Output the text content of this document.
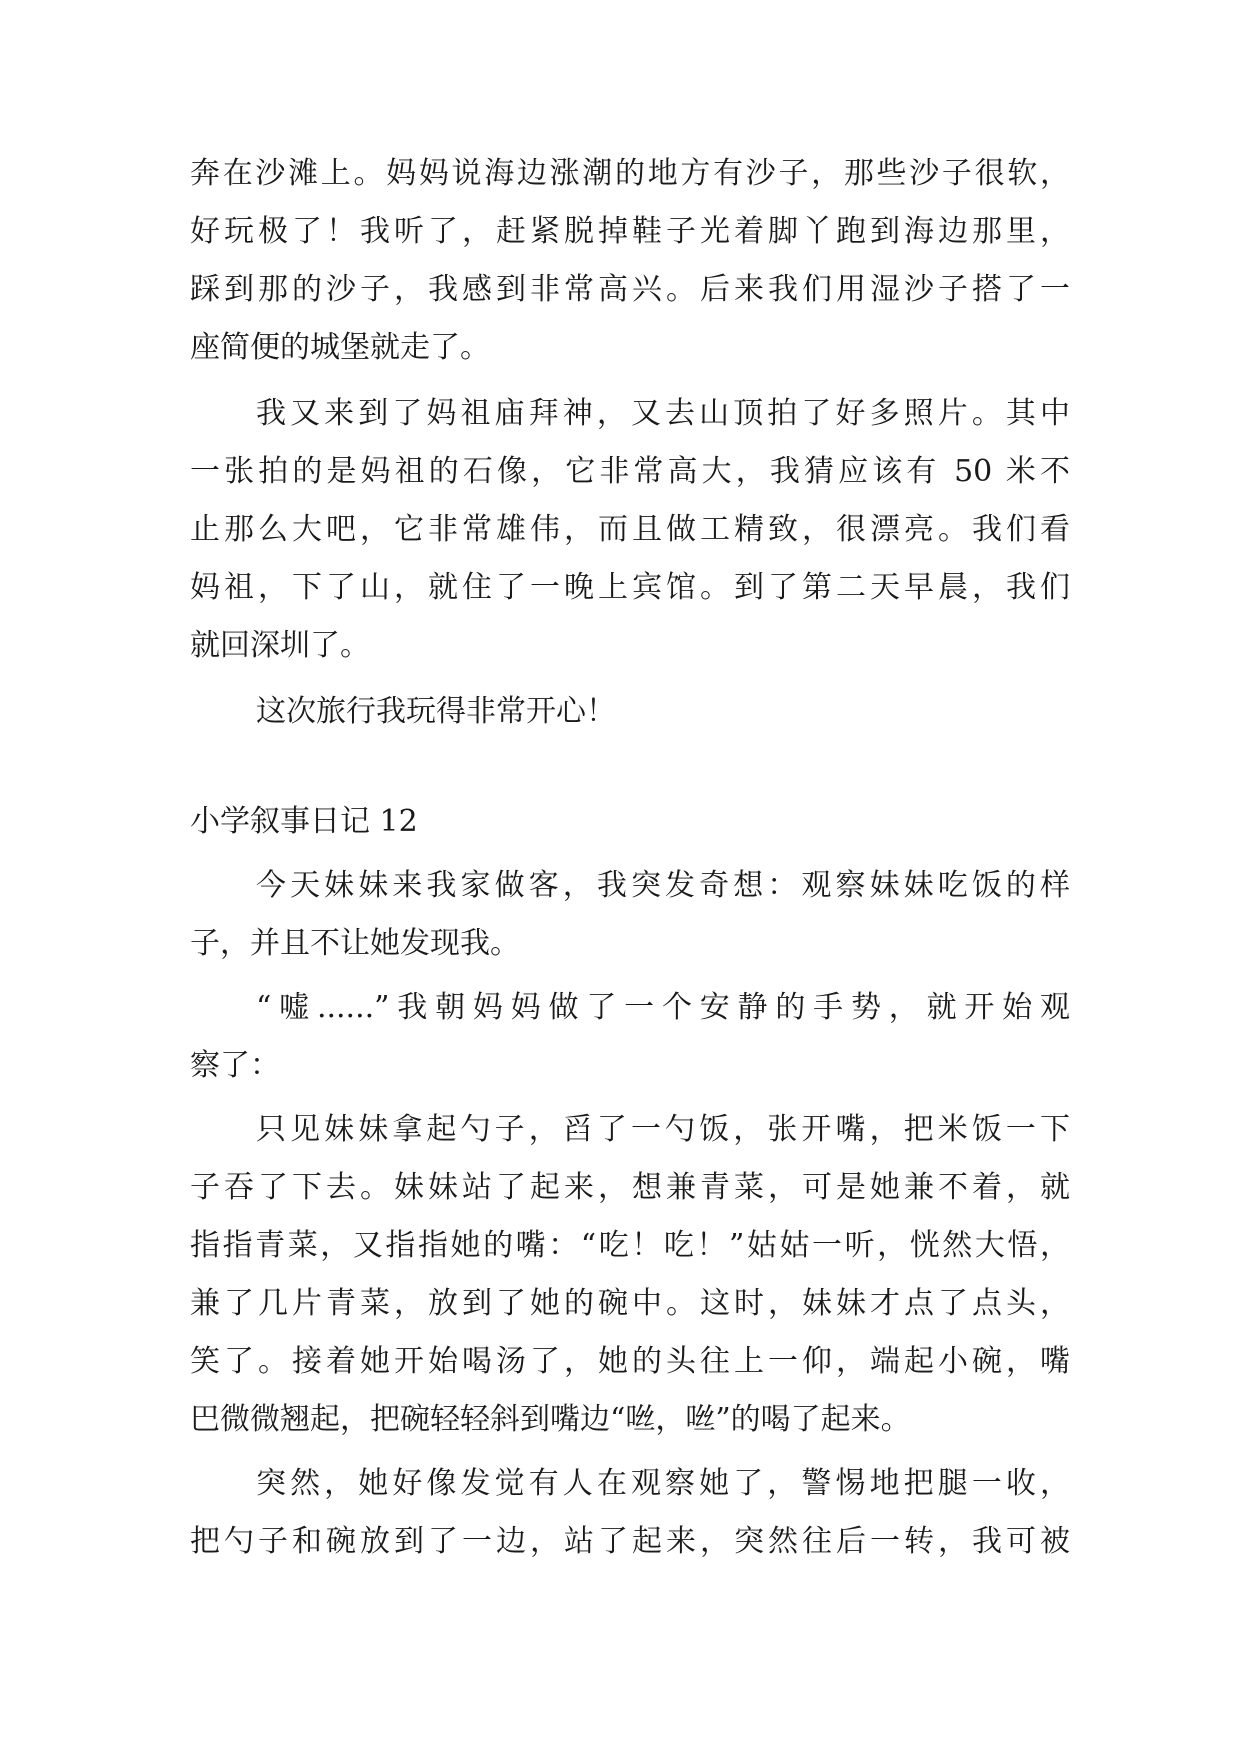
奔在沙滩上。妈妈说海边涨潮的地方有沙子，那些沙子很软，
好玩极了！我听了，赶紧脱掉鞋子光着脚丫跑到海边那里，
踩到那的沙子，我感到非常高兴。后来我们用湿沙子搭了一
座简便的城堡就走了。
我又来到了妈祖庙拜神，又去山顶拍了好多照片。其中
一张拍的是妈祖的石像，它非常高大，我猜应该有 50 米不
止那么大吧，它非常雄伟，而且做工精致，很漂亮。我们看
妈祖，下了山，就住了一晚上宾馆。到了第二天早晨，我们
就回深圳了。
这次旅行我玩得非常开心！
小学叙事日记 12
今天妹妹来我家做客，我突发奇想：观察妹妹吃饭的样
子，并且不让她发现我。
“嘘......”我朝妈妈做了一个安静的手势，就开始观
察了：
只见妹妹拿起勺子，舀了一勺饭，张开嘴，把米饭一下
子吞了下去。妹妹站了起来，想兼青菜，可是她兼不着，就
指指青菜，又指指她的嘴：“吃！吃！”姑姑一听，恍然大悟，
兼了几片青菜，放到了她的碗中。这时，妹妹才点了点头，
笑了。接着她开始喝汤了，她的头往上一仰，端起小碗，嘴
巴微微翘起，把碗轻轻斜到嘴边“咝，咝”的喝了起来。
突然，她好像发觉有人在观察她了，警惕地把腿一收，
把勺子和碗放到了一边，站了起来，突然往后一转，我可被
